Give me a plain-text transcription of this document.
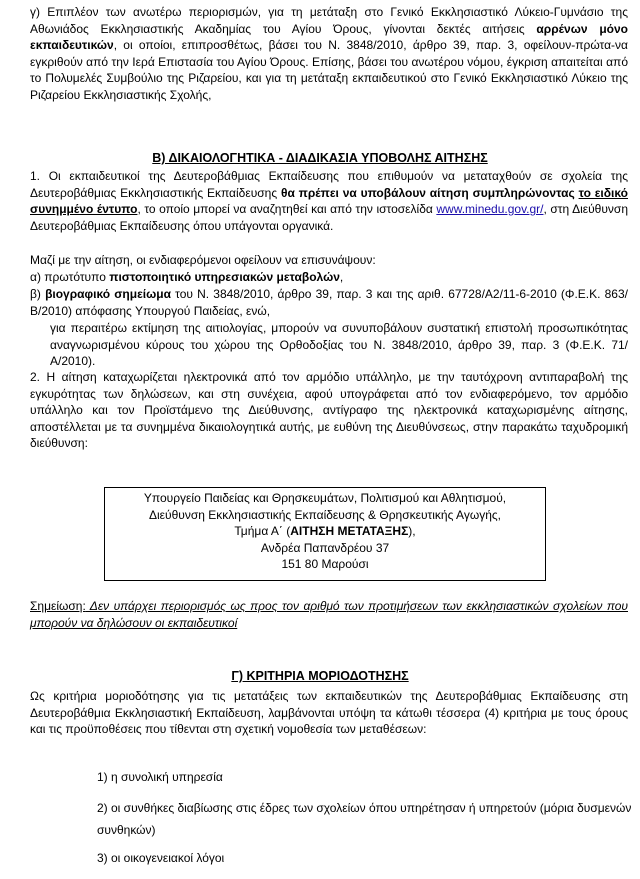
γ) Επιπλέον των ανωτέρω περιορισμών, για τη μετάταξη στο Γενικό Εκκλησιαστικό Λύκειο-Γυμνάσιο της Αθωνιάδος Εκκλησιαστικής Ακαδημίας του Αγίου Όρους, γίνονται δεκτές αιτήσεις αρρένων μόνο εκπαιδευτικών, οι οποίοι, επιπροσθέτως, βάσει του Ν. 3848/2010, άρθρο 39, παρ. 3, οφείλουν-πρώτα-να εγκριθούν από την Ιερά Επιστασία του Αγίου Όρους. Επίσης, βάσει του ανωτέρου νόμου, έγκριση απαιτείται από το Πολυμελές Συμβούλιο της Ριζαρείου, και για τη μετάταξη εκπαιδευτικού στο Γενικό Εκκλησιαστικό Λύκειο της Ριζαρείου Εκκλησιαστικής Σχολής,
Β) ΔΙΚΑΙΟΛΟΓΗΤΙΚΑ - ΔΙΑΔΙΚΑΣΙΑ ΥΠΟΒΟΛΗΣ ΑΙΤΗΣΗΣ
1. Οι εκπαιδευτικοί της Δευτεροβάθμιας Εκπαίδευσης που επιθυμούν να μεταταχθούν σε σχολεία της Δευτεροβάθμιας Εκκλησιαστικής Εκπαίδευσης θα πρέπει να υποβάλουν αίτηση συμπληρώνοντας το ειδικό συνημμένο έντυπο, το οποίο μπορεί να αναζητηθεί και από την ιστοσελίδα www.minedu.gov.gr/, στη Διεύθυνση Δευτεροβάθμιας Εκπαίδευσης όπου υπάγονται οργανικά.
Μαζί με την αίτηση, οι ενδιαφερόμενοι οφείλουν να επισυνάψουν:
α) πρωτότυπο πιστοποιητικό υπηρεσιακών μεταβολών,
β) βιογραφικό σημείωμα του Ν. 3848/2010, άρθρο 39, παρ. 3 και της αριθ. 67728/Α2/11-6-2010 (Φ.Ε.Κ. 863/Β/2010) απόφασης Υπουργού Παιδείας, ενώ,
για περαιτέρω εκτίμηση της αιτιολογίας, μπορούν να συνυποβάλουν συστατική επιστολή προσωπικότητας αναγνωρισμένου κύρους του χώρου της Ορθοδοξίας του Ν. 3848/2010, άρθρο 39, παρ. 3 (Φ.Ε.Κ. 71/Α/2010).
2. Η αίτηση καταχωρίζεται ηλεκτρονικά από τον αρμόδιο υπάλληλο, με την ταυτόχρονη αντιπαραβολή της εγκυρότητας των δηλώσεων, και στη συνέχεια, αφού υπογράφεται από τον ενδιαφερόμενο, τον αρμόδιο υπάλληλο και τον Προϊστάμενο της Διεύθυνσης, αντίγραφο της ηλεκτρονικά καταχωρισμένης αίτησης, αποστέλλεται με τα συνημμένα δικαιολογητικά αυτής, με ευθύνη της Διευθύνσεως, στην παρακάτω ταχυδρομική διεύθυνση:
Υπουργείο Παιδείας και Θρησκευμάτων, Πολιτισμού και Αθλητισμού,
Διεύθυνση Εκκλησιαστικής Εκπαίδευσης & Θρησκευτικής Αγωγής,
Τμήμα Α΄ (ΑΙΤΗΣΗ ΜΕΤΑΤΑΞΗΣ),
Ανδρέα Παπανδρέου 37
151 80 Μαρούσι
Σημείωση: Δεν υπάρχει περιορισμός ως προς τον αριθμό των προτιμήσεων των εκκλησιαστικών σχολείων που μπορούν να δηλώσουν οι εκπαιδευτικοί
Γ) ΚΡΙΤΗΡΙΑ ΜΟΡΙΟΔΟΤΗΣΗΣ
Ως κριτήρια μοριοδότησης για τις μετατάξεις των εκπαιδευτικών της Δευτεροβάθμιας Εκπαίδευσης στη Δευτεροβάθμια Εκκλησιαστική Εκπαίδευση, λαμβάνονται υπόψη τα κάτωθι τέσσερα (4) κριτήρια με τους όρους και τις προϋποθέσεις που τίθενται στη σχετική νομοθεσία των μεταθέσεων:
1) η συνολική υπηρεσία
2) οι συνθήκες διαβίωσης στις έδρες των σχολείων όπου υπηρέτησαν ή υπηρετούν (μόρια δυσμενών συνθηκών)
3) οι οικογενειακοί λόγοι
